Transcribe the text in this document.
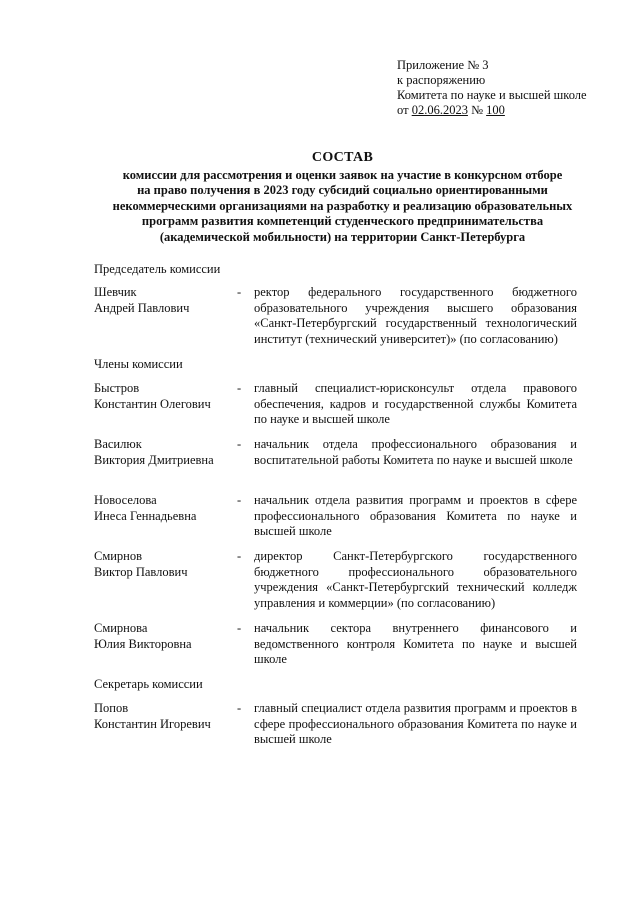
Приложение № 3
к распоряжению
Комитета по науке и высшей школе
от 02.06.2023 № 100
СОСТАВ
комиссии для рассмотрения и оценки заявок на участие в конкурсном отборе
на право получения в 2023 году субсидий социально ориентированными
некоммерческими организациями на разработку и реализацию образовательных
программ развития компетенций студенческого предпринимательства
(академической мобильности) на территории Санкт-Петербурга
Председатель комиссии
Шевчик
Андрей Павлович
- ректор федерального государственного бюджетного образовательного учреждения высшего образования «Санкт-Петербургский государственный технологический институт (технический университет)» (по согласованию)
Члены комиссии
Быстров
Константин Олегович
- главный специалист-юрисконсульт отдела правового обеспечения, кадров и государственной службы Комитета по науке и высшей школе
Василюк
Виктория Дмитриевна
- начальник отдела профессионального образования и воспитательной работы Комитета по науке и высшей школе
Новоселова
Инеса Геннадьевна
- начальник отдела развития программ и проектов в сфере профессионального образования Комитета по науке и высшей школе
Смирнов
Виктор Павлович
- директор Санкт-Петербургского государственного бюджетного профессионального образовательного учреждения «Санкт-Петербургский технический колледж управления и коммерции» (по согласованию)
Смирнова
Юлия Викторовна
- начальник сектора внутреннего финансового и ведомственного контроля Комитета по науке и высшей школе
Секретарь комиссии
Попов
Константин Игоревич
- главный специалист отдела развития программ и проектов в сфере профессионального образования Комитета по науке и высшей школе
